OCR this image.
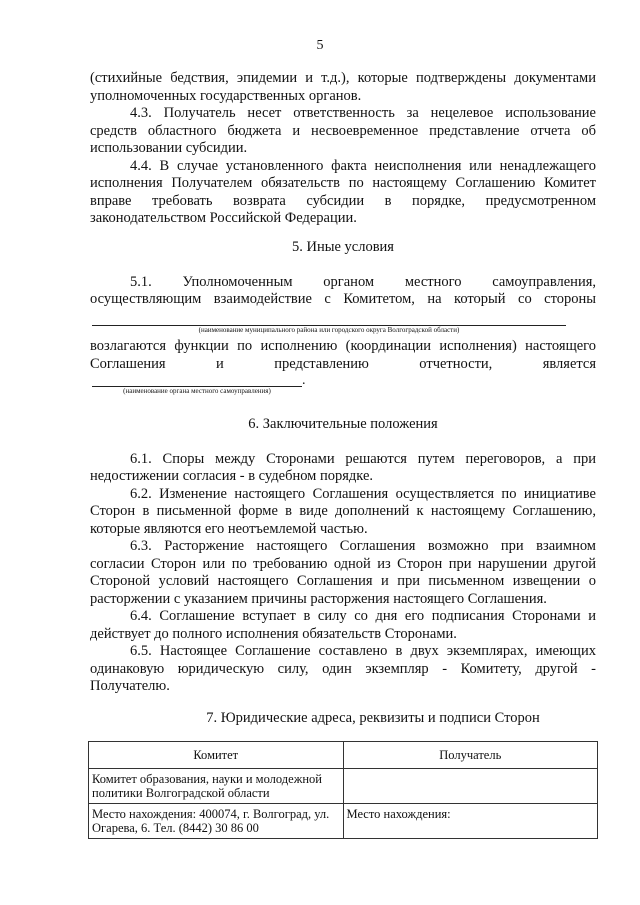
5

(стихийные бедствия, эпидемии и т.д.), которые подтверждены документами уполномоченных государственных органов.

4.3. Получатель несет ответственность за нецелевое использование средств областного бюджета и несвоевременное представление отчета об использовании субсидии.

4.4. В случае установленного факта неисполнения или ненадлежащего исполнения Получателем обязательств по настоящему Соглашению Комитет вправе требовать возврата субсидии в порядке, предусмотренном законодательством Российской Федерации.

5. Иные условия

5.1. Уполномоченным органом местного самоуправления, осуществляющим взаимодействие с Комитетом, на который со стороны

(наименование муниципального района или городского округа Волгоградской области)

возлагаются функции по исполнению (координации исполнения) настоящего Соглашения и представлению отчетности, является

.
(наименование органа местного самоуправления)

6. Заключительные положения

6.1. Споры между Сторонами решаются путем переговоров, а при недостижении согласия - в судебном порядке.

6.2. Изменение настоящего Соглашения осуществляется по инициативе Сторон в письменной форме в виде дополнений к настоящему Соглашению, которые являются его неотъемлемой частью.

6.3. Расторжение настоящего Соглашения возможно при взаимном согласии Сторон или по требованию одной из Сторон при нарушении другой Стороной условий настоящего Соглашения и при письменном извещении о расторжении с указанием причины расторжения настоящего Соглашения.

6.4. Соглашение вступает в силу со дня его подписания Сторонами и действует до полного исполнения обязательств Сторонами.

6.5. Настоящее Соглашение составлено в двух экземплярах, имеющих одинаковую юридическую силу, один экземпляр - Комитету, другой - Получателю.

7. Юридические адреса, реквизиты и подписи Сторон

Комитет	Получатель
Комитет образования, науки и молодежной политики Волгоградской области	
Место нахождения: 400074, г. Волгоград, ул. Огарева, 6. Тел. (8442) 30 86 00	Место нахождения:
